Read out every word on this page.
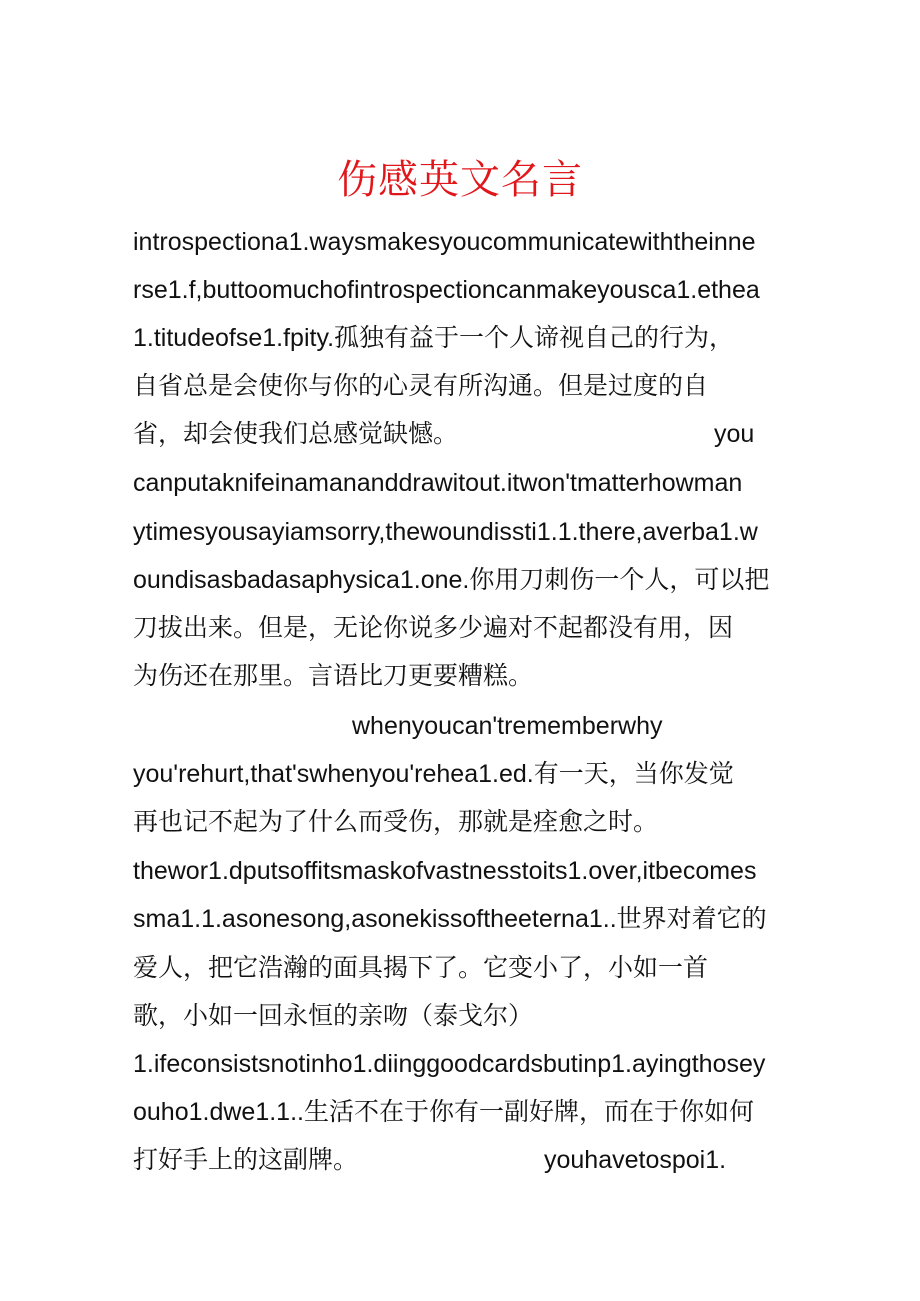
伤感英文名言
introspectiona1.waysmakesyoucommunicatewiththeinne
rse1.f,buttoomuchofintrospectioncanmakeyousca1.ethea
1.titudeofse1.fpity.孤独有益于一个人谛视自己的行为，
自省总是会使你与你的心灵有所沟通。但是过度的自
省，却会使我们总感觉缺憾。	you
canputaknifeinamananddrawitout.itwon'tmatterhowman
ytimesyousayiamsorry,thewoundissti1.1.there,averba1.w
oundisasbadasaphysica1.one.你用刀刺伤一个人，可以把
刀拔出来。但是，无论你说多少遍对不起都没有用，因
为伤还在那里。言语比刀更要糟糕。
whenyoucan'trememberwhy
you'rehurt,that'swhenyou'rehea1.ed.有一天，当你发觉
再也记不起为了什么而受伤，那就是痊愈之时。
thewor1.dputsoffitsmaskofvastnesstoits1.over,itbecomes
sma1.1.asonesong,asonekissoftheeterna1..世界对着它的
爱人，把它浩瀚的面具揭下了。它变小了，小如一首
歌，小如一回永恒的亲吻（泰戈尔）
1.ifeconsistsnotinho1.diinggoodcardsbutinp1.ayingthosey
ouho1.dwe1.1..生活不在于你有一副好牌，而在于你如何
打好手上的这副牌。	youhavetospoi1.
